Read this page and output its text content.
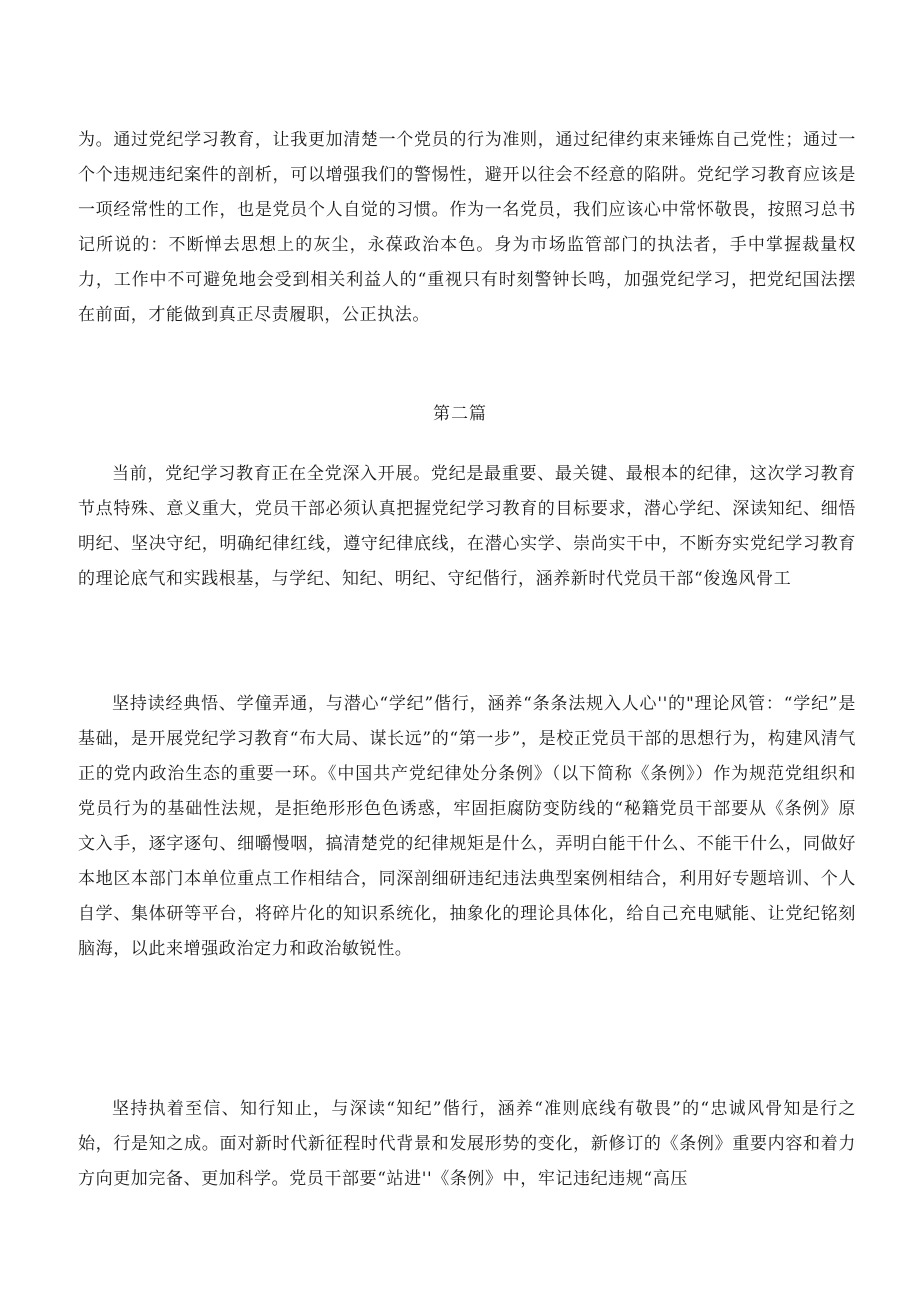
为。通过党纪学习教育，让我更加清楚一个党员的行为准则，通过纪律约束来锤炼自己党性；通过一个个违规违纪案件的剖析，可以增强我们的警惕性，避开以往会不经意的陷阱。党纪学习教育应该是一项经常性的工作，也是党员个人自觉的习惯。作为一名党员，我们应该心中常怀敬畏，按照习总书记所说的：不断惮去思想上的灰尘，永葆政治本色。身为市场监管部门的执法者，手中掌握裁量权力，工作中不可避免地会受到相关利益人的“重视只有时刻警钟长鸣，加强党纪学习，把党纪国法摆在前面，才能做到真正尽责履职，公正执法。

第二篇

当前，党纪学习教育正在全党深入开展。党纪是最重要、最关键、最根本的纪律，这次学习教育节点特殊、意义重大，党员干部必须认真把握党纪学习教育的目标要求，潜心学纪、深读知纪、细悟明纪、坚决守纪，明确纪律红线，遵守纪律底线，在潜心实学、崇尚实干中，不断夯实党纪学习教育的理论底气和实践根基，与学纪、知纪、明纪、守纪偕行，涵养新时代党员干部“俊逸风骨工

坚持读经典悟、学僮弄通，与潜心“学纪”偕行，涵养“条条法规入人心''的"理论风管：“学纪”是基础，是开展党纪学习教育“布大局、谋长远”的“第一步”，是校正党员干部的思想行为，构建风清气正的党内政治生态的重要一环。《中国共产党纪律处分条例》（以下简称《条例》）作为规范党组织和党员行为的基础性法规，是拒绝形形色色诱惑，牢固拒腐防变防线的“秘籍党员干部要从《条例》原文入手，逐字逐句、细嚼慢咽，搞清楚党的纪律规矩是什么，弄明白能干什么、不能干什么，同做好本地区本部门本单位重点工作相结合，同深剖细研违纪违法典型案例相结合，利用好专题培训、个人自学、集体研等平台，将碎片化的知识系统化，抽象化的理论具体化，给自己充电赋能、让党纪铭刻脑海，以此来增强政治定力和政治敏锐性。

坚持执着至信、知行知止，与深读“知纪”偕行，涵养“准则底线有敬畏”的“忠诚风骨知是行之始，行是知之成。面对新时代新征程时代背景和发展形势的变化，新修订的《条例》重要内容和着力方向更加完备、更加科学。党员干部要“站进''《条例》中，牢记违纪违规“高压
